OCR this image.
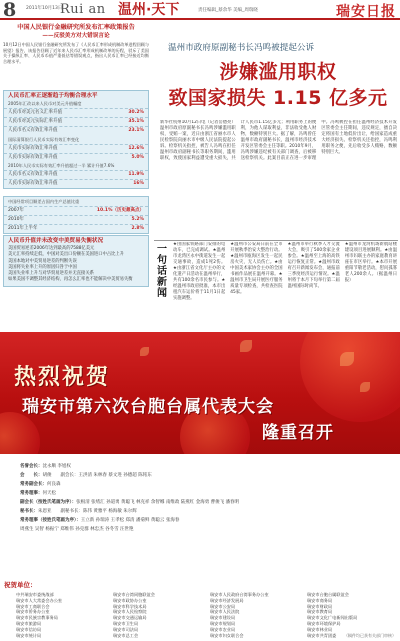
8 2011年10月13日
Rui an 温州·天下	责任编辑_蔡余华 美编_周瑞晓	瑞安日报
中国人民银行金融研究所发布汇率政策报告
——反驳美方对大错误言论
10月12日中国人民银行金融研究所发布了《人民币汇率形成机制改革进程回顾与展望》报告，该报告回顾了近年来人民币汇率形成机制改革的历程，驳斥了美国关于操纵汇率、人民币币值严重低估等错误观点，指出人民币汇率已经接近均衡合理水平。
人民币汇率正逐渐趋于均衡合理水平
2005年汇改以来人民币对美元升值幅度
人民币对美元名义汇率升值	30.2%
人民币对美元实际汇率升值	35.1%
人民币名义有效汇率升值	23.1%
国际清算银行人民币实际有效汇率变化
人民币实际有效汇率升值	12.6%
人民币实际有效汇率升值	5.0%
2010年人民币实际有效汇率升值超过一半 累计升值7.6%
人民币名义有效汇率升值	11.9%
人民币实际有效汇率升值	16%
中国经常项目顺差占国内生产总值比重
2007年	10.1%（历史最高点）
2010年	5.2%
2011年上半年	2.8%
人民币升值并未改变中美贸易失衡状况
美国贸易逆差2006年达到最高的7588亿美元
美元汇率持续走低，中国对美出口份额在美国进口中占比上升
美国本地对中美贸易逆差的判断失误
美国将失业率上升的原因归咎于中国
美国失业率上升与对华贸易逆差并无直接关系
如果美国不调整其经济结构，再怎么汇率也不能解决中美贸易失衡
温州市政府原副秘书长冯鸣被提起公诉
涉嫌滥用职权
致国家损失 1.15 亿多元
新华社杭州10月12日电（记者岳德亮）温州市政府原副秘书长冯鸣涉嫌滥用职权、受贿一案，近日由浙江省丽水市人民检察院向丽水市中级人民法院提起公诉。检察机关指控，被告人冯鸣在担任温州市政府副秘书长等职务期间，滥用职权，致使国家利益遭受重大损失，共计人民币1.15亿多元；利用职务上的便利，为他人谋取利益，非法收受他人财物，数额特别巨大。据了解，冯鸣曾任温州市政府副秘书长，温州市经济技术开发区管委会主任等职。2010年9月，冯鸣涉嫌违纪被有关部门调查，后被移送检察机关。此案目前正在进一步审理中。冯鸣被控在担任温州经济技术开发区管委会主任期间，违反规定，擅自决定将国有土地低价出让，给国家造成重大经济损失。检察机关还指控，冯鸣利用职务之便，先后收受多人贿赂，数额特别巨大。
一句话新闻
★由国家铁路部门安排的电动车，已完成调试。★温州市龙湾区永中街道发生一起交通事故，造成1死2伤。★由浙江省文化厅主办的文化遗产日活动在温州举行，共有100余名市民参与。★经温州市政府批准，本市出租汽车运价将于11月1日起实施调整。
★温州市公安局日前在全市开展秋季治安大整治行动。★温州市瓯海区发生一起民房火灾，无人员伤亡。★由中国美术家协会主办的全国书画作品展在温州开幕。★温州市卫生局开展医疗服务质量专项检查，共检查医院45家。
★温州市举行秋季人才交流大会，吸引了500余家企业参会。★温州至上海的高铁运行恢复正常。★温州市政府召开新闻发布会，通报前三季度经济运行情况。★温州将于本月下旬举行第二届温州国际时尚节。
★温州市龙湾机场新航站楼建设项目进展顺利。★由温州市妇联主办的家庭教育讲座在市区举行。★本市开展重阳节敬老活动，慰问孤寡老人200余人。（据温州日报）
热烈祝贺
瑞安市第六次台胞台属代表大会
隆重召开
名誉会长：沈永顺 李旭权
会　　长：胡俊　　副会长：王洪清 朱林春 蔡文进 孙德超 陈铭东
常务副会长：何良森
常务理事：何天松
副会长（按姓氏笔画为序）：张根清 张绪汇 孙道勇 黄聪飞 林克祥 余智娜 南维政 陆燕红 金海勇 曹俊飞 潘春明
秘书长：朱恩亚　　副秘书长：陈伟 黄雅平 杨海敏 朱尔辉
常务理事（按姓氏笔画为序）：王立新 孙瑞涛 王孝松 郑清 潘菊鲜 黄聪云 张海春
周燕生 吴智 杨振宁 郑维伟 孙克群 林忠杰 谷冬雪 汪世艳
祝贺单位：
中共瑞安市委统战部	瑞安市台湾同胞联谊会	瑞安市人民政府台湾事务办公室	瑞安市台胞台属联谊会
瑞安市人大常委会办公室	瑞安市政协办公室	瑞安市经济发展局	瑞安市商务局
瑞安市工商联合会	瑞安市科学技术局	瑞安市公安局	瑞安市财政局
瑞安市侨务办公室	瑞安市人民检察院	瑞安市人民法院	瑞安市教育局
瑞安市民族宗教事务局	瑞安市交通运输局	瑞安市建设局	瑞安市文化广电新闻出版局
瑞安市旅游局	瑞安市卫生局	瑞安市规划局	瑞安市环境保护局
瑞安市信访局	瑞安市司法局	瑞安市农业局	瑞安市林业局
瑞安市统计局	瑞安市总工会	瑞安市妇女联合会	瑞安市共青团委	（稿件均已获有关部门审核）
